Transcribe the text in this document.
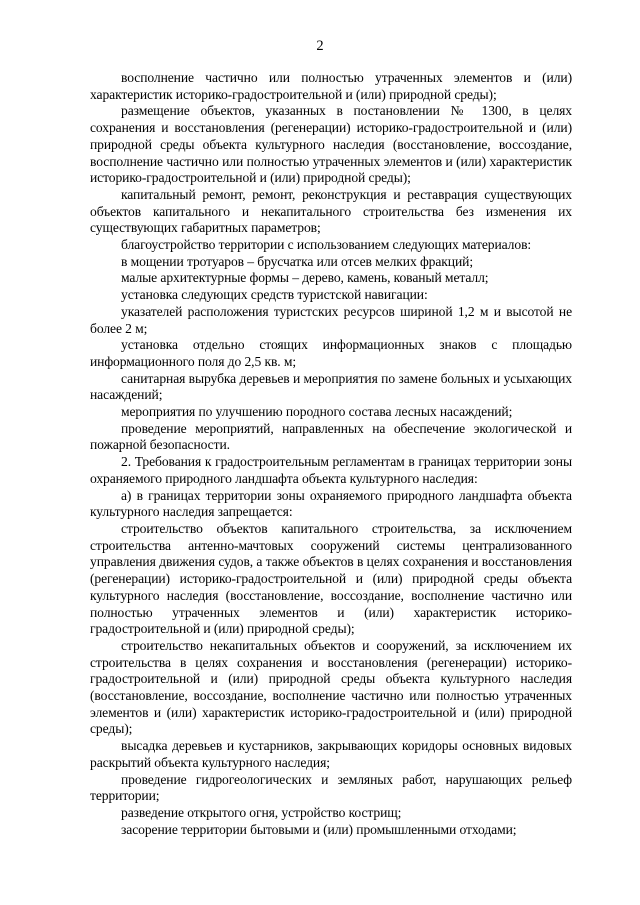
2

восполнение частично или полностью утраченных элементов и (или) характеристик историко-градостроительной и (или) природной среды);

размещение объектов, указанных в постановлении № 1300, в целях сохранения и восстановления (регенерации) историко-градостроительной и (или) природной среды объекта культурного наследия (восстановление, воссоздание, восполнение частично или полностью утраченных элементов и (или) характеристик историко-градостроительной и (или) природной среды);

капитальный ремонт, ремонт, реконструкция и реставрация существующих объектов капитального и некапитального строительства без изменения их существующих габаритных параметров;

благоустройство территории с использованием следующих материалов:

в мощении тротуаров – брусчатка или отсев мелких фракций;

малые архитектурные формы – дерево, камень, кованый металл;

установка следующих средств туристской навигации:

указателей расположения туристских ресурсов шириной 1,2 м и высотой не более 2 м;

установка отдельно стоящих информационных знаков с площадью информационного поля до 2,5 кв. м;

санитарная вырубка деревьев и мероприятия по замене больных и усыхающих насаждений;

мероприятия по улучшению породного состава лесных насаждений;

проведение мероприятий, направленных на обеспечение экологической и пожарной безопасности.

2. Требования к градостроительным регламентам в границах территории зоны охраняемого природного ландшафта объекта культурного наследия:

а) в границах территории зоны охраняемого природного ландшафта объекта культурного наследия запрещается:

строительство объектов капитального строительства, за исключением строительства антенно-мачтовых сооружений системы централизованного управления движения судов, а также объектов в целях сохранения и восстановления (регенерации) историко-градостроительной и (или) природной среды объекта культурного наследия (восстановление, воссоздание, восполнение частично или полностью утраченных элементов и (или) характеристик историко-градостроительной и (или) природной среды);

строительство некапитальных объектов и сооружений, за исключением их строительства в целях сохранения и восстановления (регенерации) историко-градостроительной и (или) природной среды объекта культурного наследия (восстановление, воссоздание, восполнение частично или полностью утраченных элементов и (или) характеристик историко-градостроительной и (или) природной среды);

высадка деревьев и кустарников, закрывающих коридоры основных видовых раскрытий объекта культурного наследия;

проведение гидрогеологических и земляных работ, нарушающих рельеф территории;

разведение открытого огня, устройство кострищ;

засорение территории бытовыми и (или) промышленными отходами;
